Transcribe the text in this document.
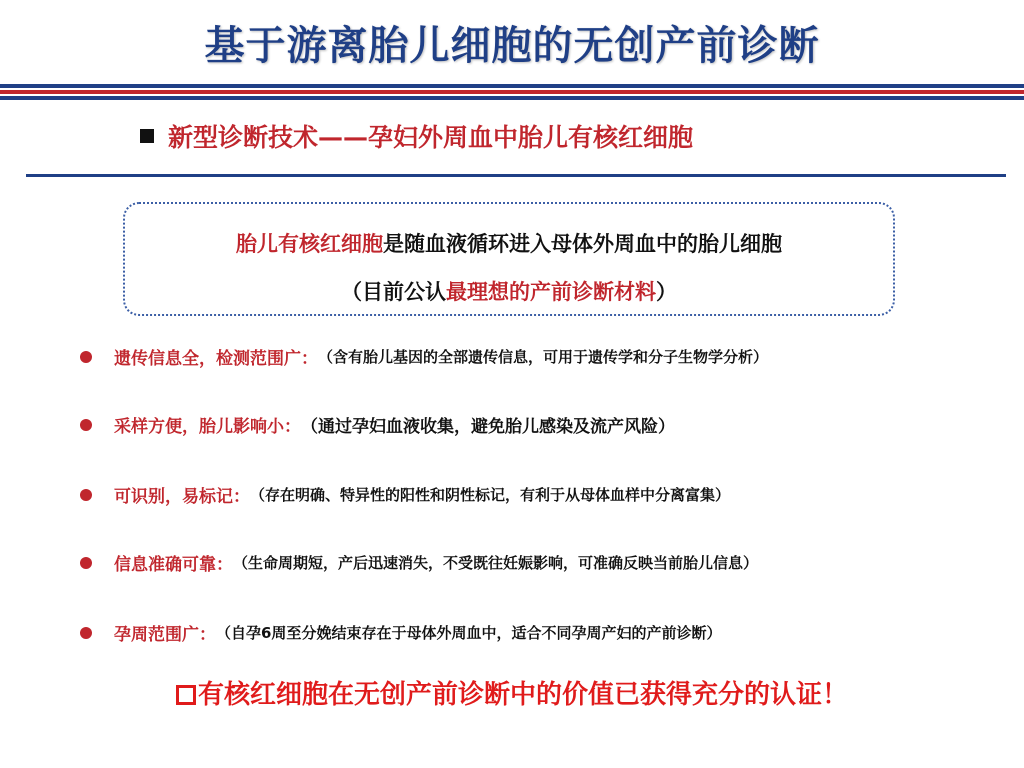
基于游离胎儿细胞的无创产前诊断
新型诊断技术——孕妇外周血中胎儿有核红细胞
胎儿有核红细胞是随血液循环进入母体外周血中的胎儿细胞
（目前公认最理想的产前诊断材料）
遗传信息全，检测范围广： （含有胎儿基因的全部遗传信息，可用于遗传学和分子生物学分析）
采样方便，胎儿影响小： （通过孕妇血液收集，避免胎儿感染及流产风险）
可识别，易标记： （存在明确、特异性的阳性和阴性标记，有利于从母体血样中分离富集）
信息准确可靠： （生命周期短，产后迅速消失，不受既往妊娠影响，可准确反映当前胎儿信息）
孕周范围广： （自孕6周至分娩结束存在于母体外周血中，适合不同孕周产妇的产前诊断）
有核红细胞在无创产前诊断中的价值已获得充分的认证！
